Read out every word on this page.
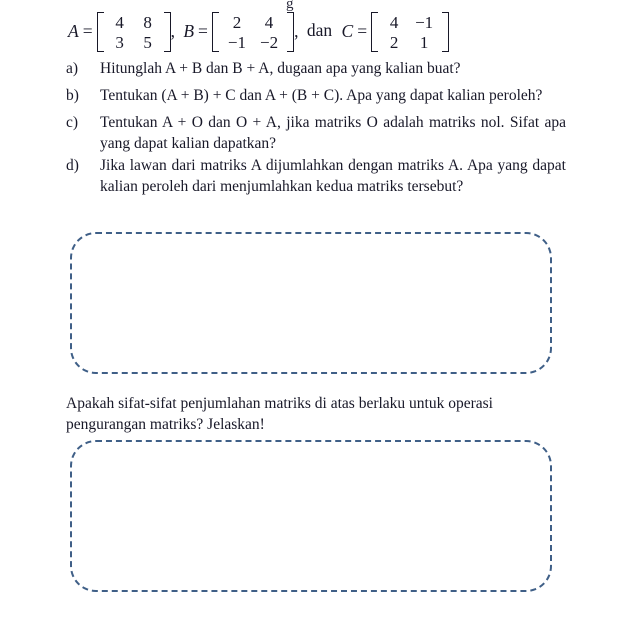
g
A =	4	8
3	5
,
B =	2	4
−1 −2
, dan C =	4 −1
2	1
a)	Hitunglah A + B dan B + A, dugaan apa yang kalian buat?
b)	Tentukan (A + B) + C dan A + (B + C). Apa yang dapat kalian peroleh?
c)	Tentukan A + O dan O + A, jika matriks O adalah matriks nol. Sifat apa yang dapat kalian dapatkan?
d)	Jika lawan dari matriks A dijumlahkan dengan matriks A. Apa yang dapat kalian peroleh dari menjumlahkan kedua matriks tersebut?
Apakah sifat-sifat penjumlahan matriks di atas berlaku untuk operasi pengurangan matriks? Jelaskan!
